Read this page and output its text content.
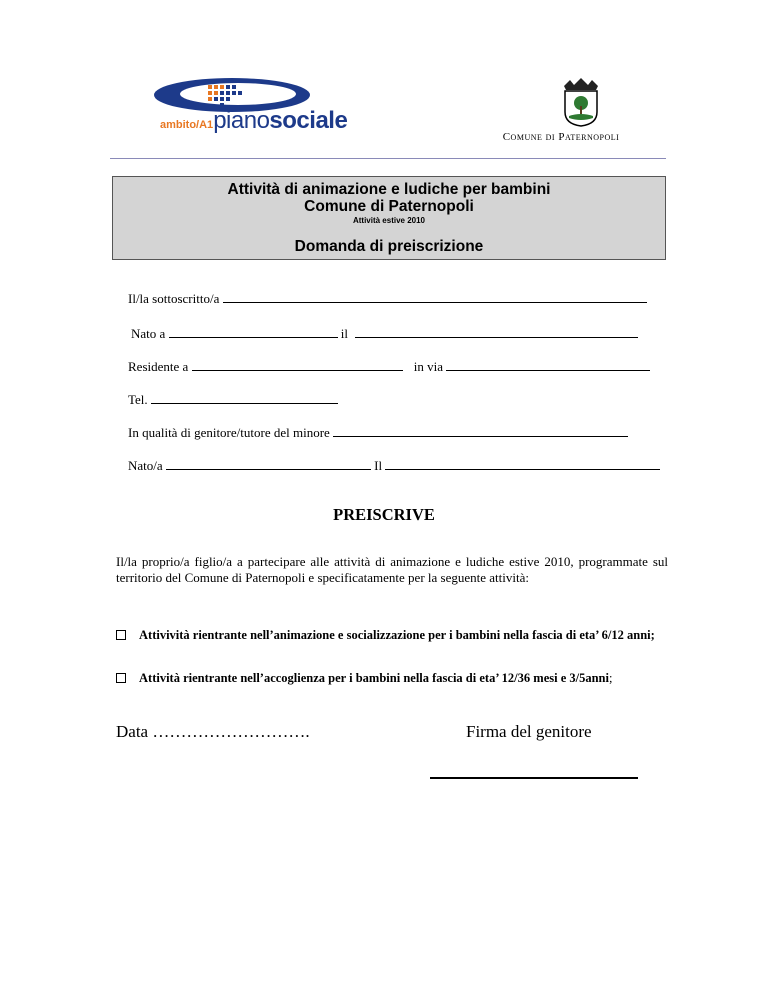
ambito/A1pianosociale
Comune di Paternopoli
Attività di animazione e ludiche per bambini
Comune di Paternopoli
Attività estive 2010
Domanda di preiscrizione
Il/la sottoscritto/a
Nato a	il
Residente a	in via
Tel.
In qualità di genitore/tutore del minore
Nato/a	Il
PREISCRIVE
Il/la proprio/a figlio/a a partecipare alle attività di animazione e ludiche estive 2010, programmate sul territorio del Comune di Paternopoli e specificatamente per la seguente attività:
Attivività rientrante nell’animazione e socializzazione per i bambini nella fascia di eta’ 6/12 anni;
Attività rientrante nell’accoglienza per i bambini nella fascia di eta’ 12/36 mesi e 3/5anni;
Data ……………………….	Firma del genitore
